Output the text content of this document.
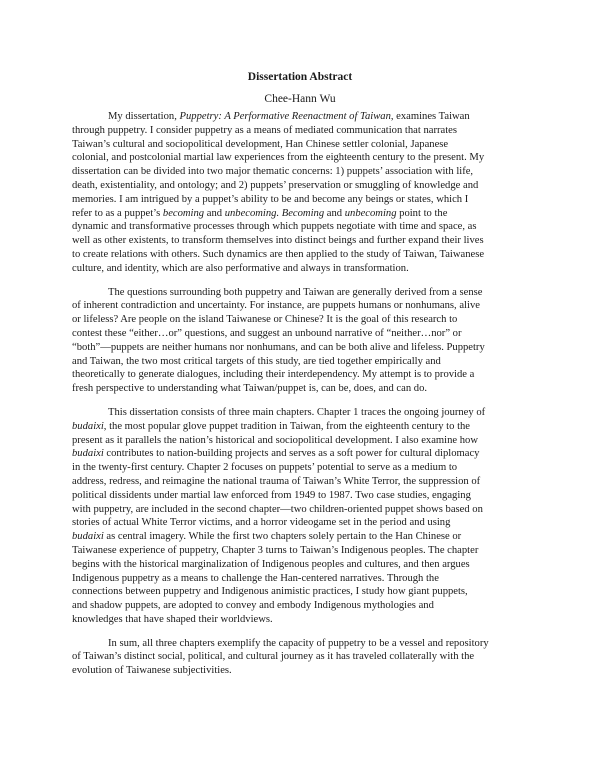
Dissertation Abstract
Chee-Hann Wu

My dissertation, Puppetry: A Performative Reenactment of Taiwan, examines Taiwan
through puppetry. I consider puppetry as a means of mediated communication that narrates
Taiwan’s cultural and sociopolitical development, Han Chinese settler colonial, Japanese
colonial, and postcolonial martial law experiences from the eighteenth century to the present. My
dissertation can be divided into two major thematic concerns: 1) puppets’ association with life,
death, existentiality, and ontology; and 2) puppets’ preservation or smuggling of knowledge and
memories. I am intrigued by a puppet’s ability to be and become any beings or states, which I
refer to as a puppet’s becoming and unbecoming. Becoming and unbecoming point to the
dynamic and transformative processes through which puppets negotiate with time and space, as
well as other existents, to transform themselves into distinct beings and further expand their lives
to create relations with others. Such dynamics are then applied to the study of Taiwan, Taiwanese
culture, and identity, which are also performative and always in transformation.

The questions surrounding both puppetry and Taiwan are generally derived from a sense
of inherent contradiction and uncertainty. For instance, are puppets humans or nonhumans, alive
or lifeless? Are people on the island Taiwanese or Chinese? It is the goal of this research to
contest these “either…or” questions, and suggest an unbound narrative of “neither…nor” or
“both”—puppets are neither humans nor nonhumans, and can be both alive and lifeless. Puppetry
and Taiwan, the two most critical targets of this study, are tied together empirically and
theoretically to generate dialogues, including their interdependency. My attempt is to provide a
fresh perspective to understanding what Taiwan/puppet is, can be, does, and can do.

This dissertation consists of three main chapters. Chapter 1 traces the ongoing journey of
budaixi, the most popular glove puppet tradition in Taiwan, from the eighteenth century to the
present as it parallels the nation’s historical and sociopolitical development. I also examine how
budaixi contributes to nation-building projects and serves as a soft power for cultural diplomacy
in the twenty-first century. Chapter 2 focuses on puppets’ potential to serve as a medium to
address, redress, and reimagine the national trauma of Taiwan’s White Terror, the suppression of
political dissidents under martial law enforced from 1949 to 1987. Two case studies, engaging
with puppetry, are included in the second chapter—two children-oriented puppet shows based on
stories of actual White Terror victims, and a horror videogame set in the period and using
budaixi as central imagery. While the first two chapters solely pertain to the Han Chinese or
Taiwanese experience of puppetry, Chapter 3 turns to Taiwan’s Indigenous peoples. The chapter
begins with the historical marginalization of Indigenous peoples and cultures, and then argues
Indigenous puppetry as a means to challenge the Han-centered narratives. Through the
connections between puppetry and Indigenous animistic practices, I study how giant puppets,
and shadow puppets, are adopted to convey and embody Indigenous mythologies and
knowledges that have shaped their worldviews.

In sum, all three chapters exemplify the capacity of puppetry to be a vessel and repository
of Taiwan’s distinct social, political, and cultural journey as it has traveled collaterally with the
evolution of Taiwanese subjectivities.
